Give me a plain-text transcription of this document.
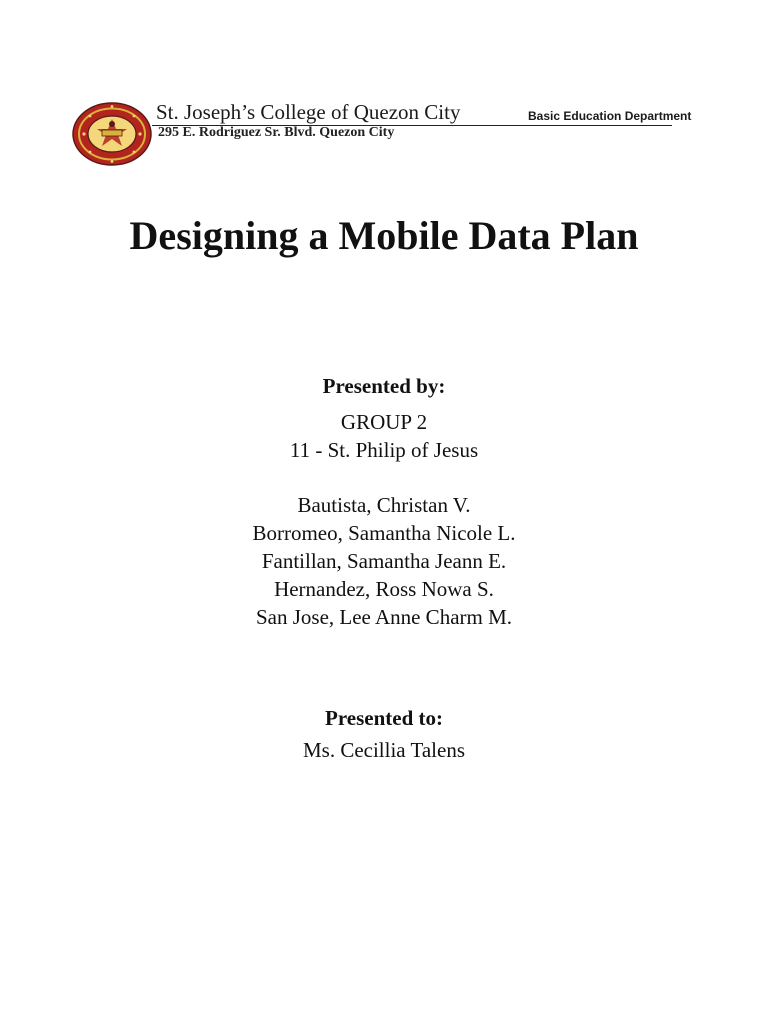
St. Joseph’s College of Quezon City	Basic Education Department
295 E. Rodriguez Sr. Blvd. Quezon City
Designing a Mobile Data Plan
Presented by:
GROUP 2
11 - St. Philip of Jesus
Bautista, Christan V.
Borromeo, Samantha Nicole L.
Fantillan, Samantha Jeann E.
Hernandez, Ross Nowa S.
San Jose, Lee Anne Charm M.
Presented to:
Ms. Cecillia Talens
